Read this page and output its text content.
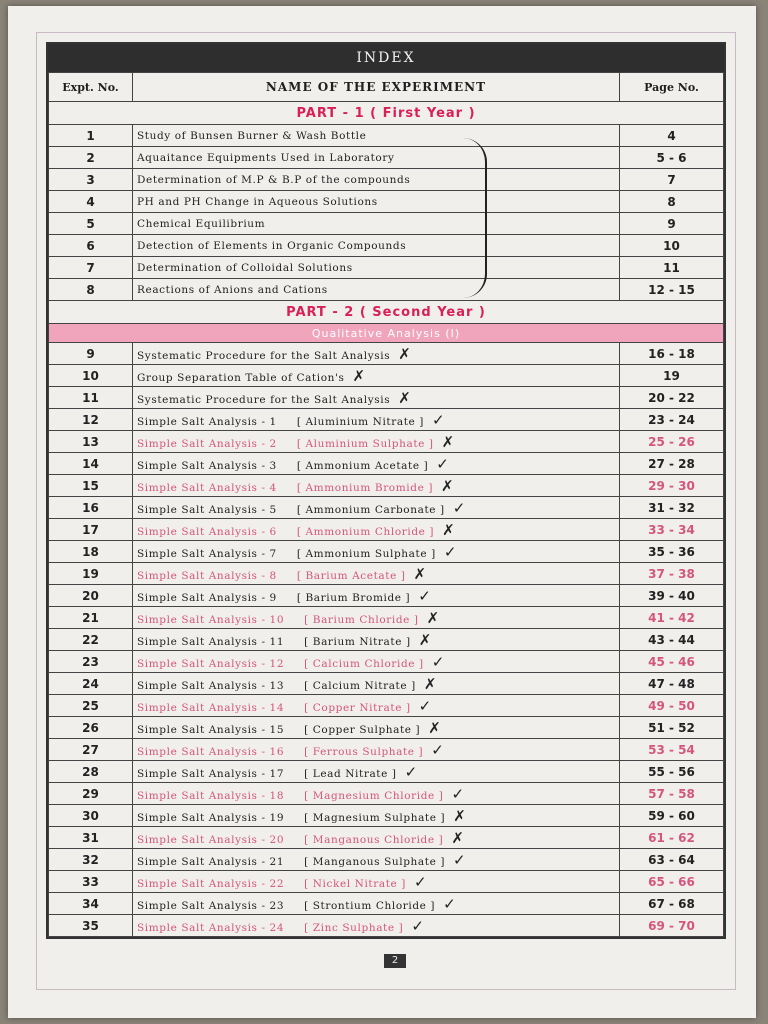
INDEX
Expt. No.	NAME OF THE EXPERIMENT	Page No.
PART - 1 ( First Year )		
1	Study of Bunsen Burner & Wash Bottle	4
2	Aquaitance Equipments Used in Laboratory	5 - 6
3	Determination of M.P & B.P of the compounds	7
4	PH and PH Change in Aqueous Solutions	8
5	Chemical Equilibrium	9
6	Detection of Elements in Organic Compounds	10
7	Determination of Colloidal Solutions	11
8	Reactions of Anions and Cations	12 - 15
PART - 2 ( Second Year )		
Qualitative Analysis (I)		
9	Systematic Procedure for the Salt Analysis ✗	16 - 18
10	Group Separation Table of Cation's ✗	19
11	Systematic Procedure for the Salt Analysis ✗	20 - 22
12	Simple Salt Analysis - 1 [ Aluminium Nitrate ] ✓	23 - 24
13	Simple Salt Analysis - 2 [ Aluminium Sulphate ] ✗	25 - 26
14	Simple Salt Analysis - 3 [ Ammonium Acetate ] ✓	27 - 28
15	Simple Salt Analysis - 4 [ Ammonium Bromide ] ✗	29 - 30
16	Simple Salt Analysis - 5 [ Ammonium Carbonate ] ✓	31 - 32
17	Simple Salt Analysis - 6 [ Ammonium Chloride ] ✗	33 - 34
18	Simple Salt Analysis - 7 [ Ammonium Sulphate ] ✓	35 - 36
19	Simple Salt Analysis - 8 [ Barium Acetate ] ✗	37 - 38
20	Simple Salt Analysis - 9 [ Barium Bromide ] ✓	39 - 40
21	Simple Salt Analysis - 10 [ Barium Chloride ] ✗	41 - 42
22	Simple Salt Analysis - 11 [ Barium Nitrate ] ✗	43 - 44
23	Simple Salt Analysis - 12 [ Calcium Chloride ] ✓	45 - 46
24	Simple Salt Analysis - 13 [ Calcium Nitrate ] ✗	47 - 48
25	Simple Salt Analysis - 14 [ Copper Nitrate ] ✓	49 - 50
26	Simple Salt Analysis - 15 [ Copper Sulphate ] ✗	51 - 52
27	Simple Salt Analysis - 16 [ Ferrous Sulphate ] ✓	53 - 54
28	Simple Salt Analysis - 17 [ Lead Nitrate ] ✓	55 - 56
29	Simple Salt Analysis - 18 [ Magnesium Chloride ] ✓	57 - 58
30	Simple Salt Analysis - 19 [ Magnesium Sulphate ] ✗	59 - 60
31	Simple Salt Analysis - 20 [ Manganous Chloride ] ✗	61 - 62
32	Simple Salt Analysis - 21 [ Manganous Sulphate ] ✓	63 - 64
33	Simple Salt Analysis - 22 [ Nickel Nitrate ] ✓	65 - 66
34	Simple Salt Analysis - 23 [ Strontium Chloride ] ✓	67 - 68
35	Simple Salt Analysis - 24 [ Zinc Sulphate ] ✓	69 - 70
2
